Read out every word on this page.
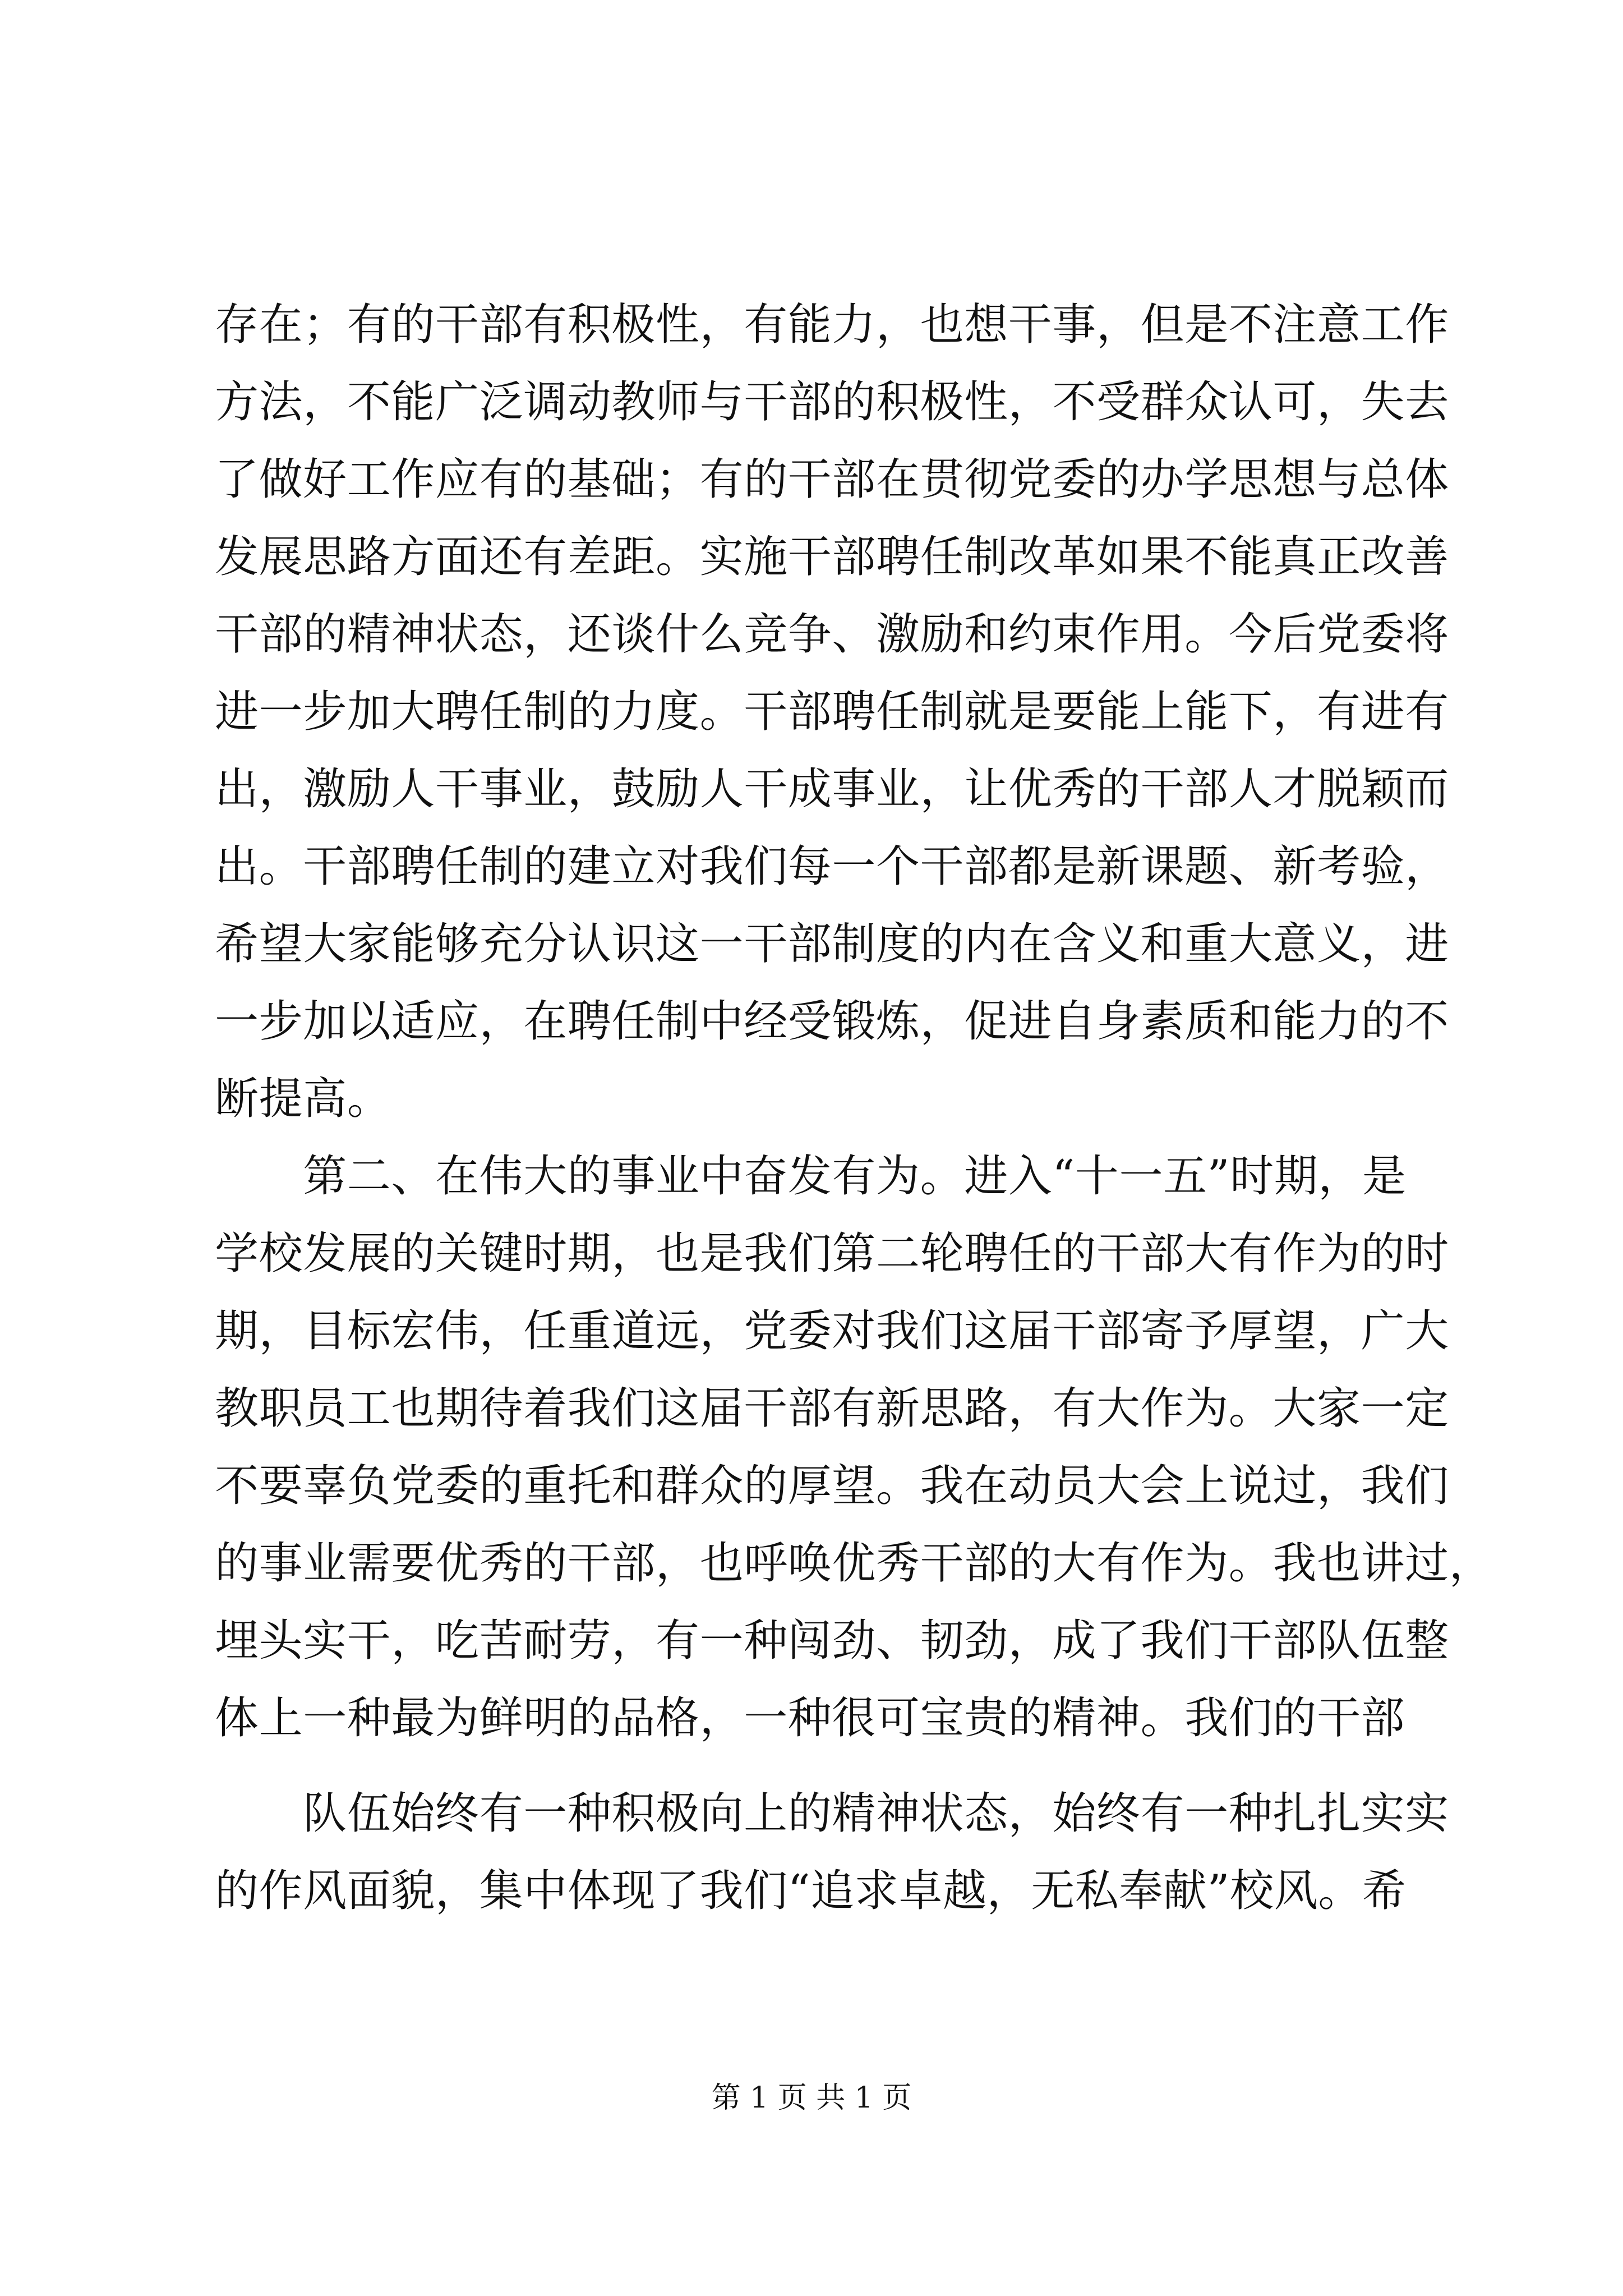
存在；有的干部有积极性，有能力，也想干事，但是不注意工作
方法，不能广泛调动教师与干部的积极性，不受群众认可，失去
了做好工作应有的基础；有的干部在贯彻党委的办学思想与总体
发展思路方面还有差距。实施干部聘任制改革如果不能真正改善
干部的精神状态，还谈什么竞争、激励和约束作用。今后党委将
进一步加大聘任制的力度。干部聘任制就是要能上能下，有进有
出，激励人干事业，鼓励人干成事业，让优秀的干部人才脱颖而
出。干部聘任制的建立对我们每一个干部都是新课题、新考验，
希望大家能够充分认识这一干部制度的内在含义和重大意义，进
一步加以适应，在聘任制中经受锻炼，促进自身素质和能力的不
断提高。
　　第二、在伟大的事业中奋发有为。进入“十一五”时期，是
学校发展的关键时期，也是我们第二轮聘任的干部大有作为的时
期，目标宏伟，任重道远，党委对我们这届干部寄予厚望，广大
教职员工也期待着我们这届干部有新思路，有大作为。大家一定
不要辜负党委的重托和群众的厚望。我在动员大会上说过，我们
的事业需要优秀的干部，也呼唤优秀干部的大有作为。我也讲过，
埋头实干，吃苦耐劳，有一种闯劲、韧劲，成了我们干部队伍整
体上一种最为鲜明的品格，一种很可宝贵的精神。我们的干部
　　队伍始终有一种积极向上的精神状态，始终有一种扎扎实实
的作风面貌，集中体现了我们“追求卓越，无私奉献”校风。希
第 1 页 共 1 页
